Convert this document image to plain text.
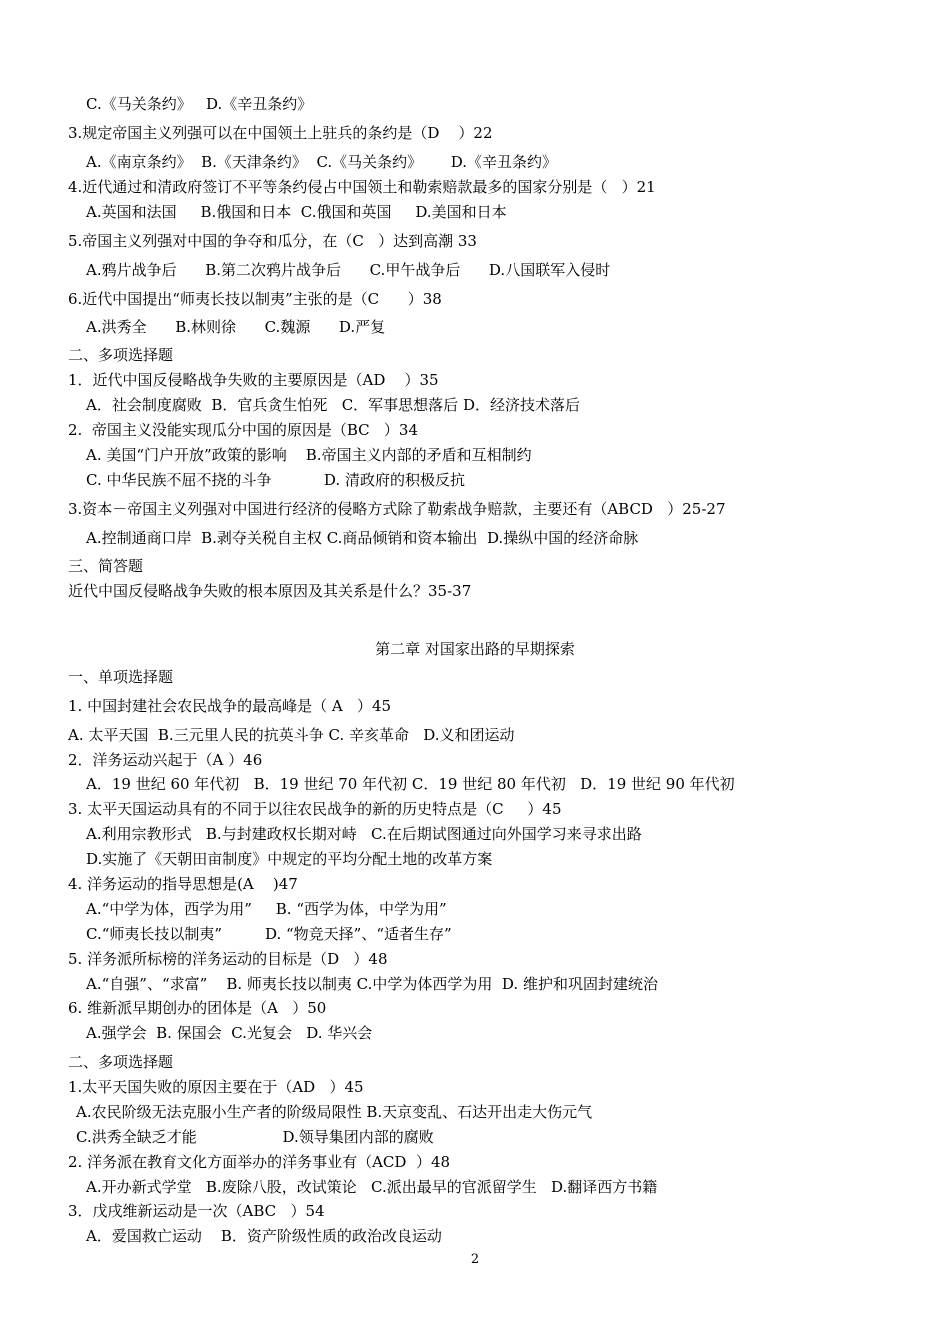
C.《马关条约》   D.《辛丑条约》

3.规定帝国主义列强可以在中国领土上驻兵的条约是（D    ）22

A.《南京条约》  B.《天津条约》  C.《马关条约》      D.《辛丑条约》

4.近代通过和清政府签订不平等条约侵占中国领土和勒索赔款最多的国家分别是（   ）21

A.英国和法国     B.俄国和日本  C.俄国和英国     D.美国和日本

5.帝国主义列强对中国的争夺和瓜分，在（C   ）达到高潮 33

A.鸦片战争后      B.第二次鸦片战争后      C.甲午战争后      D.八国联军入侵时

6.近代中国提出“师夷长技以制夷”主张的是（C      ）38

A.洪秀全      B.林则徐      C.魏源      D.严复

二、多项选择题

1．近代中国反侵略战争失败的主要原因是（AD    ）35

A．社会制度腐败  B．官兵贪生怕死   C．军事思想落后 D．经济技术落后

2.  帝国主义没能实现瓜分中国的原因是（BC   ）34

A. 美国“门户开放”政策的影响    B.帝国主义内部的矛盾和互相制约

C. 中华民族不屈不挠的斗争           D. 清政府的积极反抗

3.资本－帝国主义列强对中国进行经济的侵略方式除了勒索战争赔款，主要还有（ABCD   ）25-27

A.控制通商口岸  B.剥夺关税自主权 C.商品倾销和资本输出  D.操纵中国的经济命脉

三、简答题

近代中国反侵略战争失败的根本原因及其关系是什么？35-37

第二章 对国家出路的早期探索

一、单项选择题

1. 中国封建社会农民战争的最高峰是（ A   ）45

A. 太平天国  B.三元里人民的抗英斗争 C. 辛亥革命   D.义和团运动

2．洋务运动兴起于（A ）46

A．19 世纪 60 年代初   B．19 世纪 70 年代初 C．19 世纪 80 年代初   D．19 世纪 90 年代初

3. 太平天国运动具有的不同于以往农民战争的新的历史特点是（C     ）45

A.利用宗教形式   B.与封建政权长期对峙   C.在后期试图通过向外国学习来寻求出路

D.实施了《天朝田亩制度》中规定的平均分配土地的改革方案

4. 洋务运动的指导思想是(A    )47

A.“中学为体，西学为用”     B. “西学为体，中学为用”

C.“师夷长技以制夷”         D. “物竞天择”、“适者生存”

5. 洋务派所标榜的洋务运动的目标是（D   ）48

A.“自强”、“求富”    B. 师夷长技以制夷 C.中学为体西学为用  D. 维护和巩固封建统治

6. 维新派早期创办的团体是（A   ）50

A.强学会  B. 保国会  C.光复会   D. 华兴会

二、多项选择题

1.太平天国失败的原因主要在于（AD   ）45

A.农民阶级无法克服小生产者的阶级局限性 B.天京变乱、石达开出走大伤元气

C.洪秀全缺乏才能                  D.领导集团内部的腐败

2. 洋务派在教育文化方面举办的洋务事业有（ACD  ）48

A.开办新式学堂   B.废除八股，改试策论   C.派出最早的官派留学生   D.翻译西方书籍

3．戊戌维新运动是一次（ABC   ）54

A．爱国救亡运动    B．资产阶级性质的政治改良运动

2
